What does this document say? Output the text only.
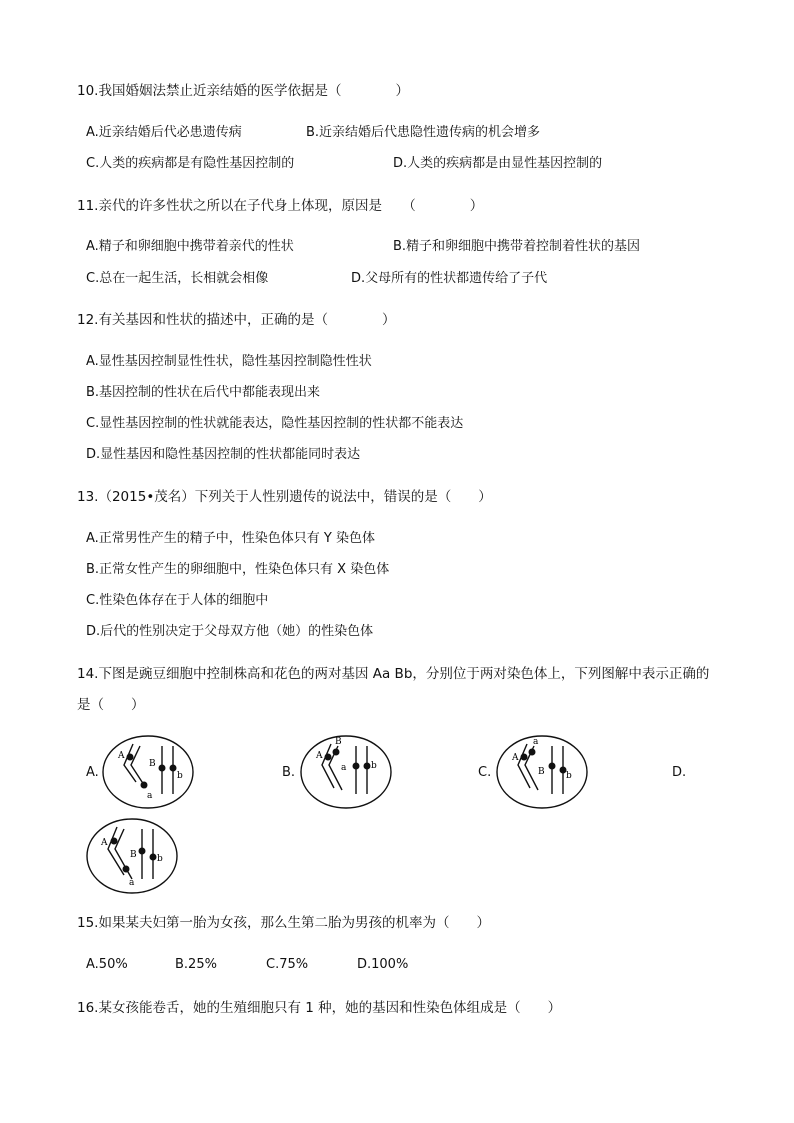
10.我国婚姻法禁止近亲结婚的医学依据是（　　　　）
A.近亲结婚后代必患遗传病	B.近亲结婚后代患隐性遗传病的机会增多
C.人类的疾病都是有隐性基因控制的	D.人类的疾病都是由显性基因控制的
11.亲代的许多性状之所以在子代身上体现，原因是　　（　　　　）
A.精子和卵细胞中携带着亲代的性状	B.精子和卵细胞中携带着控制着性状的基因
C.总在一起生活，长相就会相像	D.父母所有的性状都遗传给了子代
12.有关基因和性状的描述中，正确的是（　　　　）
A.显性基因控制显性性状，隐性基因控制隐性性状
B.基因控制的性状在后代中都能表现出来
C.显性基因控制的性状就能表达，隐性基因控制的性状都不能表达
D.显性基因和隐性基因控制的性状都能同时表达
13.（2015•茂名）下列关于人性别遗传的说法中，错误的是（　　）
A.正常男性产生的精子中，性染色体只有 Y 染色体
B.正常女性产生的卵细胞中，性染色体只有 X 染色体
C.性染色体存在于人体的细胞中
D.后代的性别决定于父母双方他（她）的性染色体
14.下图是豌豆细胞中控制株高和花色的两对基因 Aa Bb，分别位于两对染色体上，下列图解中表示正确的
是（　　）
A.
A
a
B
b	B.
A
B
a	b	C.
A
a
B b	D.
A
a
B b
15.如果某夫妇第一胎为女孩，那么生第二胎为男孩的机率为（　　）
A.50%	B.25%	C.75%	D.100%
16.某女孩能卷舌，她的生殖细胞只有 1 种，她的基因和性染色体组成是（　　）
